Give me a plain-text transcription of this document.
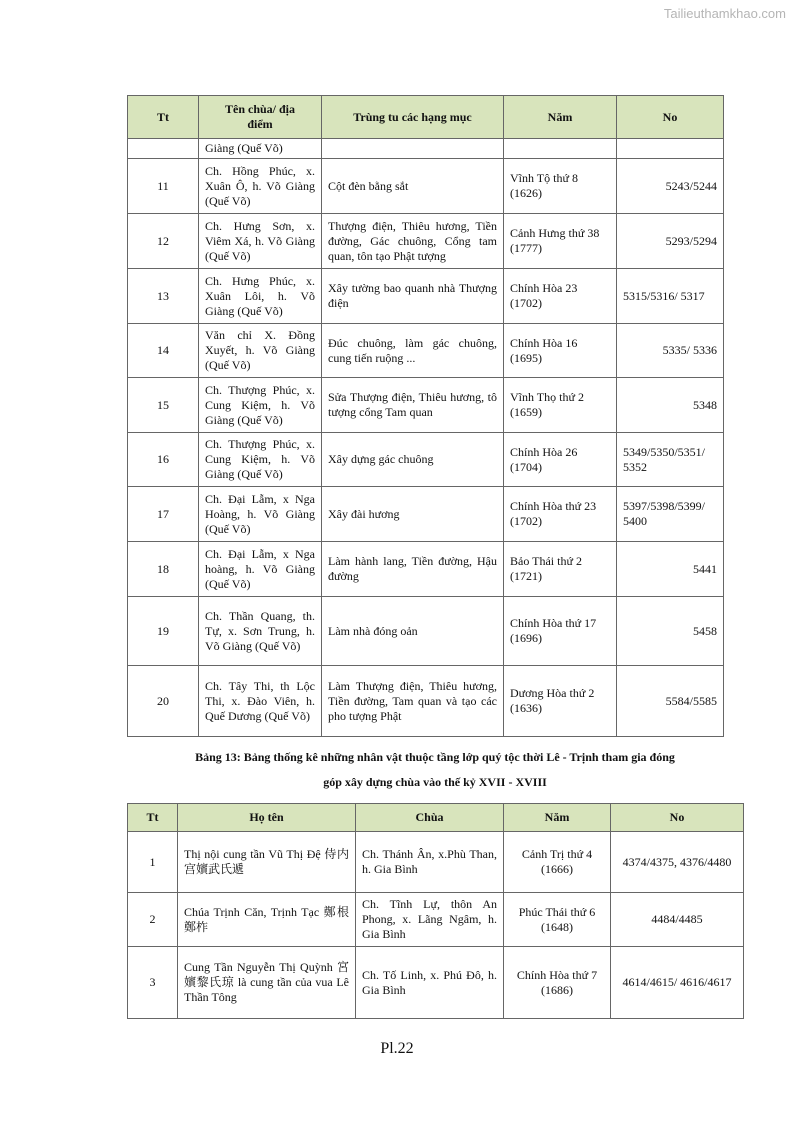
Tailieuthamkhao.com
Tt	Tên chùa/ địa điểm	Trùng tu các hạng mục	Năm	No
	Giàng (Quế Võ)			
11	Ch. Hồng Phúc, x. Xuân Ô, h. Võ Giàng (Quế Võ)	Cột đèn bằng sắt	Vĩnh Tộ thứ 8 (1626)	5243/5244
12	Ch. Hưng Sơn, x. Viêm Xá, h. Võ Giàng (Quế Võ)	Thượng điện, Thiêu hương, Tiền đường, Gác chuông, Cổng tam quan, tôn tạo Phật tượng	Cảnh Hưng thứ 38 (1777)	5293/5294
13	Ch. Hưng Phúc, x. Xuân Lôi, h. Võ Giàng (Quế Võ)	Xây tường bao quanh nhà Thượng điện	Chính Hòa 23 (1702)	5315/5316/ 5317
14	Văn chỉ X. Đồng Xuyết, h. Võ Giàng (Quế Võ)	Đúc chuông, làm gác chuông, cung tiến ruộng ...	Chính Hòa 16 (1695)	5335/ 5336
15	Ch. Thượng Phúc, x. Cung Kiệm, h. Võ Giàng (Quế Võ)	Sửa Thượng điện, Thiêu hương, tô tượng cổng Tam quan	Vĩnh Thọ thứ 2 (1659)	5348
16	Ch. Thượng Phúc, x. Cung Kiệm, h. Võ Giàng (Quế Võ)	Xây dựng gác chuông	Chính Hòa 26 (1704)	5349/5350/5351/ 5352
17	Ch. Đại Lẫm, x Nga Hoàng, h. Võ Giàng (Quế Võ)	Xây đài hương	Chính Hòa thứ 23 (1702)	5397/5398/5399/ 5400
18	Ch. Đại Lẫm, x Nga hoàng, h. Võ Giàng (Quế Võ)	Làm hành lang, Tiền đường, Hậu đường	Bảo Thái thứ 2 (1721)	5441
19	Ch. Thần Quang, th. Tự, x. Sơn Trung, h. Võ Giàng (Quế Võ)	Làm nhà đóng oản	Chính Hòa thứ 17 (1696)	5458
20	Ch. Tây Thi, th Lộc Thi, x. Đào Viên, h. Quế Dương (Quế Võ)	Làm Thượng điện, Thiêu hương, Tiền đường, Tam quan và tạo các pho tượng Phật	Dương Hòa thứ 2 (1636)	5584/5585
Bảng 13: Bảng thống kê những nhân vật thuộc tầng lớp quý tộc thời Lê - Trịnh tham gia đóng
góp xây dựng chùa vào thế kỷ XVII - XVIII
Tt	Họ tên	Chùa	Năm	No
1	Thị nội cung tần Vũ Thị Đệ 侍内宫嬪武氏遞	Ch. Thánh Ân, x.Phù Than, h. Gia Bình	Cảnh Trị thứ 4 (1666)	4374/4375, 4376/4480
2	Chúa Trịnh Căn, Trịnh Tạc 鄭根鄭柞	Ch. Tĩnh Lự, thôn An Phong, x. Lãng Ngâm, h. Gia Bình	Phúc Thái thứ 6 (1648)	4484/4485
3	Cung Tần Nguyễn Thị Quỳnh 宮嬪黎氏琼 là cung tần của vua Lê Thần Tông	Ch. Tố Linh, x. Phú Đô, h. Gia Bình	Chính Hòa thứ 7 (1686)	4614/4615/ 4616/4617
Pl.22
